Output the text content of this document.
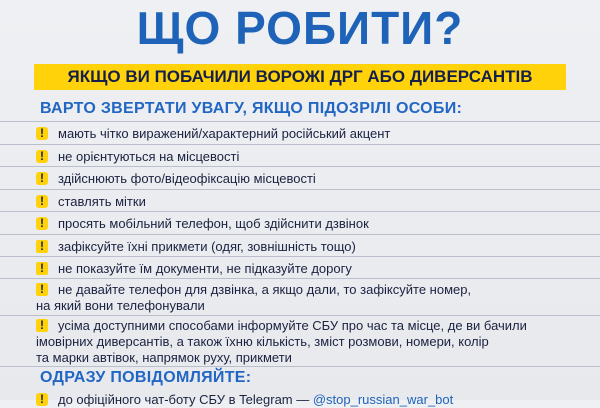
ЩО РОБИТИ?
ЯКЩО ВИ ПОБАЧИЛИ ВОРОЖІ ДРГ АБО ДИВЕРСАНТІВ
ВАРТО ЗВЕРТАТИ УВАГУ, ЯКЩО ПІДОЗРІЛІ ОСОБИ:
!	мають чітко виражений/характерний російський акцент
!	не орієнтуються на місцевості
!	здійснюють фото/відеофіксацію місцевості
!	ставлять мітки
!	просять мобільний телефон, щоб здійснити дзвінок
!	зафіксуйте їхні прикмети (одяг, зовнішність тощо)
!	не показуйте їм документи, не підказуйте дорогу
!	не давайте телефон для дзвінка, а якщо дали, то зафіксуйте номер,
на який вони телефонували
!	усіма доступними способами інформуйте СБУ про час та місце, де ви бачили
імовірних диверсантів, а також їхню кількість, зміст розмови, номери, колір
та марки автівок, напрямок руху, прикмети
ОДРАЗУ ПОВІДОМЛЯЙТЕ:
!	до офіційного чат-боту СБУ в Telegram — @stop_russian_war_bot
